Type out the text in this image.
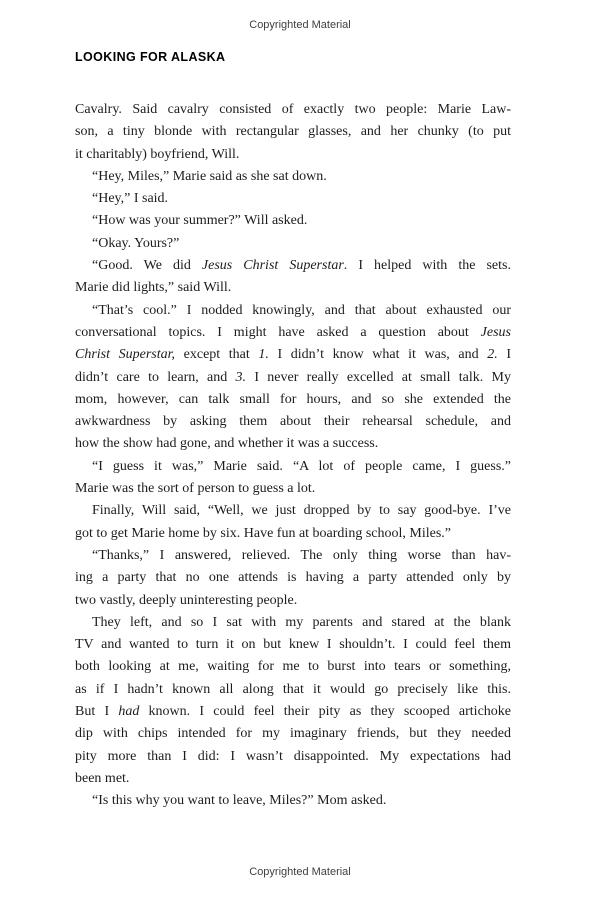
Copyrighted Material
LOOKING FOR ALASKA
Cavalry. Said cavalry consisted of exactly two people: Marie Law-
son, a tiny blonde with rectangular glasses, and her chunky (to put
it charitably) boyfriend, Will.
“Hey, Miles,” Marie said as she sat down.
“Hey,” I said.
“How was your summer?” Will asked.
“Okay. Yours?”
“Good. We did Jesus Christ Superstar. I helped with the sets.
Marie did lights,” said Will.
“That’s cool.” I nodded knowingly, and that about exhausted our
conversational topics. I might have asked a question about Jesus
Christ Superstar, except that 1. I didn’t know what it was, and 2. I
didn’t care to learn, and 3. I never really excelled at small talk. My
mom, however, can talk small for hours, and so she extended the
awkwardness by asking them about their rehearsal schedule, and
how the show had gone, and whether it was a success.
“I guess it was,” Marie said. “A lot of people came, I guess.”
Marie was the sort of person to guess a lot.
Finally, Will said, “Well, we just dropped by to say good-bye. I’ve
got to get Marie home by six. Have fun at boarding school, Miles.”
“Thanks,” I answered, relieved. The only thing worse than hav-
ing a party that no one attends is having a party attended only by
two vastly, deeply uninteresting people.
They left, and so I sat with my parents and stared at the blank
TV and wanted to turn it on but knew I shouldn’t. I could feel them
both looking at me, waiting for me to burst into tears or something,
as if I hadn’t known all along that it would go precisely like this.
But I had known. I could feel their pity as they scooped artichoke
dip with chips intended for my imaginary friends, but they needed
pity more than I did: I wasn’t disappointed. My expectations had
been met.
“Is this why you want to leave, Miles?” Mom asked.
Copyrighted Material
